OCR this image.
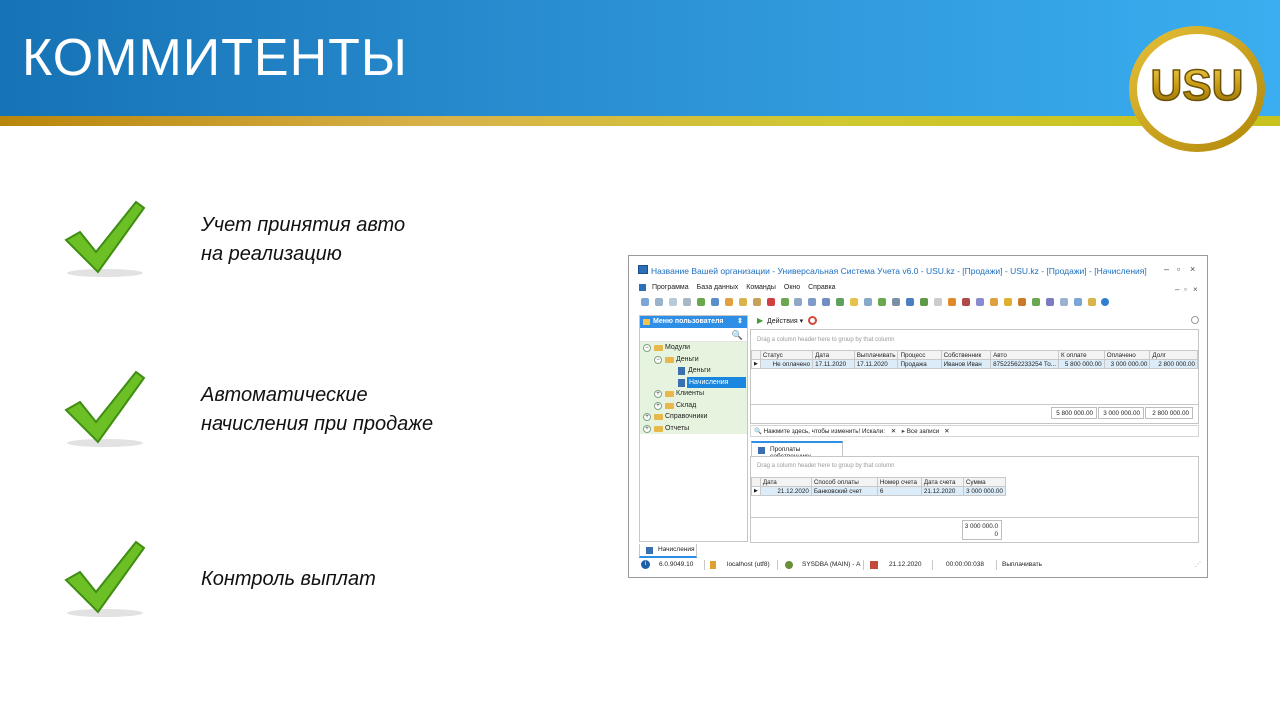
КОММИТЕНТЫ	USU
Учет принятия авто
на реализацию
Автоматические
начисления при продаже
Контроль выплат
Название Вашей организации - Универсальная Система Учета v6.0 - USU.kz - [Продажи] - USU.kz - [Продажи] - [Начисления] – ▫ ×
Программа База данных Команды Окно Справка	– ▫ ×

Меню пользователя ⇕
🔍
−	Модули
−	Деньги
Деньги
Начисления
+	Клиенты
+	Склад
+	Справочники
+	Отчеты
▶ Действия ▾
Drag a column header here to group by that column
	Статус	Дата	Выплачивать	Процесс	Собственник	Авто	К оплате	Оплачено	Долг
▶	Не оплачено	17.11.2020	17.11.2020	Продажа	Иванов Иван	87522562233254 То...	5 800 000.00	3 000 000.00	2 800 000.00
5 800 000.00	3 000 000.00	2 800 000.00
🔍 Нажмите здесь, чтобы изменить! Искали: ✕ ▸ Все записи ✕
Проплаты
Drag a column header here to group by that column
	Дата	Способ оплаты	Номер счета	Дата счета	Сумма
▶	21.12.2020	Банковский счет	6	21.12.2020	3 000 000.00
3 000 000.0
0
Начисления
i	6.0.9049.10	localhost (utf8)	SYSDBA (MAIN) - А	21.12.2020	00:00:00:038	Выплачивать	⋰
